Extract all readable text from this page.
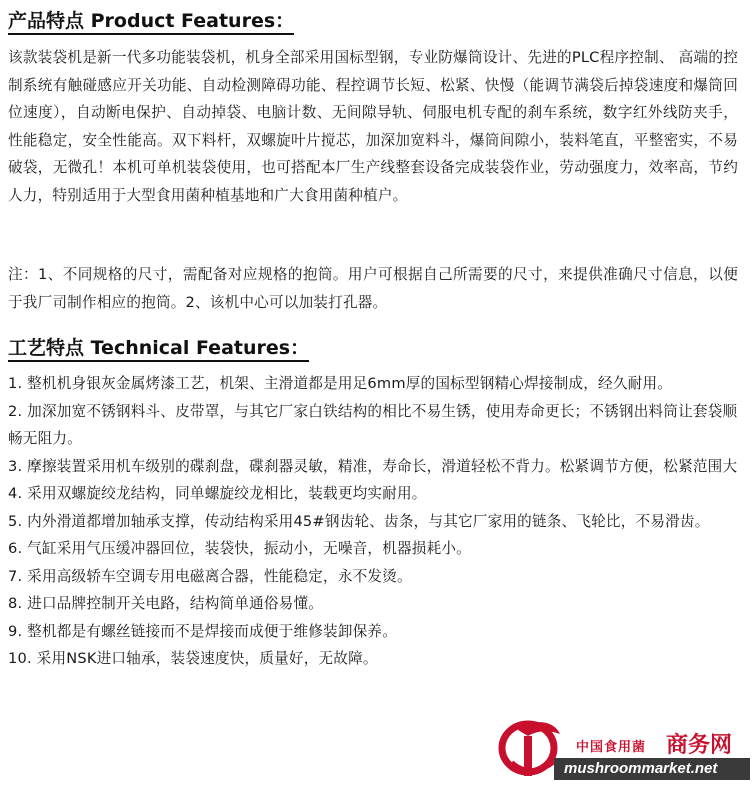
产品特点 Product Features：
该款装袋机是新一代多功能装袋机，机身全部采用国标型钢，专业防爆筒设计、先进的PLC程序控制、 高端的控制系统有触碰感应开关功能、自动检测障碍功能、程控调节长短、松紧、快慢（能调节满袋后掉袋速度和爆筒回位速度），自动断电保护、自动掉袋、电脑计数、无间隙导轨、伺服电机专配的刹车系统，数字红外线防夹手，性能稳定，安全性能高。双下料杆，双螺旋叶片搅芯，加深加宽料斗，爆筒间隙小，装料笔直，平整密实，不易破袋，无微孔！本机可单机装袋使用，也可搭配本厂生产线整套设备完成装袋作业，劳动强度力，效率高，节约人力，特别适用于大型食用菌种植基地和广大食用菌种植户。
注：1、不同规格的尺寸，需配备对应规格的抱筒。用户可根据自己所需要的尺寸，来提供准确尺寸信息，以便于我厂司制作相应的抱筒。2、该机中心可以加装打孔器。
工艺特点 Technical Features：
1. 整机机身银灰金属烤漆工艺，机架、主滑道都是用足6mm厚的国标型钢精心焊接制成，经久耐用。
2. 加深加宽不锈钢料斗、皮带罩，与其它厂家白铁结构的相比不易生锈，使用寿命更长；不锈钢出料筒让套袋顺畅无阻力。
3. 摩擦装置采用机车级别的碟刹盘，碟刹器灵敏，精准，寿命长，滑道轻松不背力。松紧调节方便，松紧范围大
4. 采用双螺旋绞龙结构，同单螺旋绞龙相比，装载更均实耐用。
5. 内外滑道都增加轴承支撑，传动结构采用45#钢齿轮、齿条，与其它厂家用的链条、飞轮比，不易滑齿。
6. 气缸采用气压缓冲器回位，装袋快，振动小，无噪音，机器损耗小。
7. 采用高级轿车空调专用电磁离合器，性能稳定，永不发烫。
8. 进口品牌控制开关电路，结构简单通俗易懂。
9. 整机都是有螺丝链接而不是焊接而成便于维修装卸保养。
10. 采用NSK进口轴承，装袋速度快，质量好，无故障。
中国食用菌 商务网
mushroommarket.net
